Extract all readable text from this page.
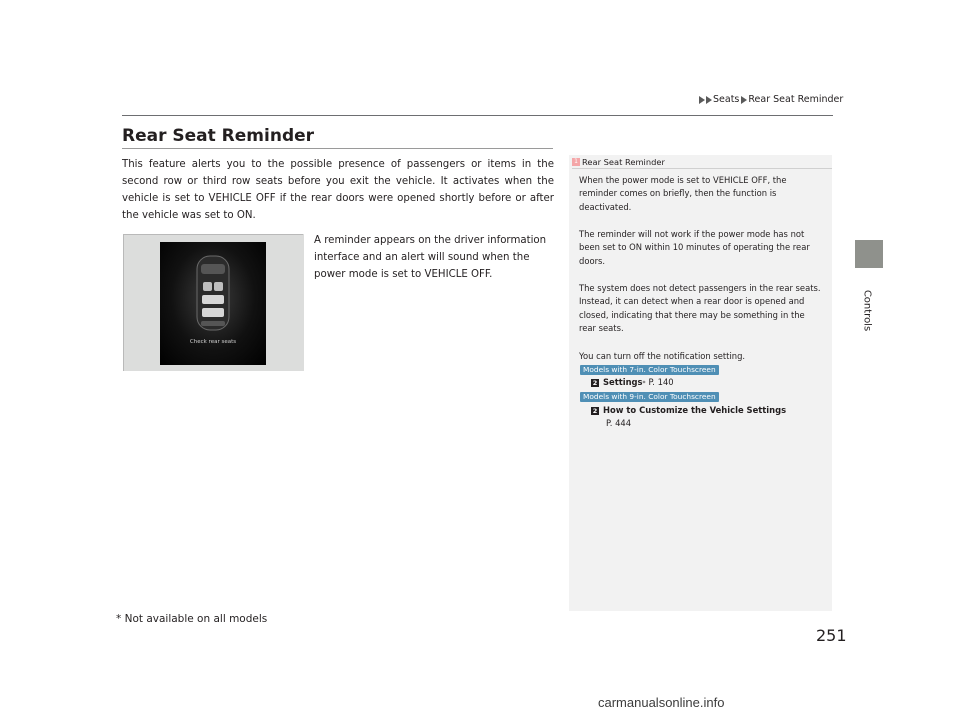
Seats Rear Seat Reminder
Controls
Rear Seat Reminder
This feature alerts you to the possible presence of passengers or items in the second row or third row seats before you exit the vehicle. It activates when the vehicle is set to VEHICLE OFF if the rear doors were opened shortly before or after the vehicle was set to ON.
Check rear seats
A reminder appears on the driver information interface and an alert will sound when the power mode is set to VEHICLE OFF.
1 Rear Seat Reminder
When the power mode is set to VEHICLE OFF, the reminder comes on briefly, then the function is deactivated.
The reminder will not work if the power mode has not been set to ON within 10 minutes of operating the rear doors.
The system does not detect passengers in the rear seats. Instead, it can detect when a rear door is opened and closed, indicating that there may be something in the rear seats.
You can turn off the notification setting.
Models with 7-in. Color Touchscreen
2 Settings * P. 140
Models with 9-in. Color Touchscreen
2 How to Customize the Vehicle Settings
P. 444
* Not available on all models
251
carmanualsonline.info
